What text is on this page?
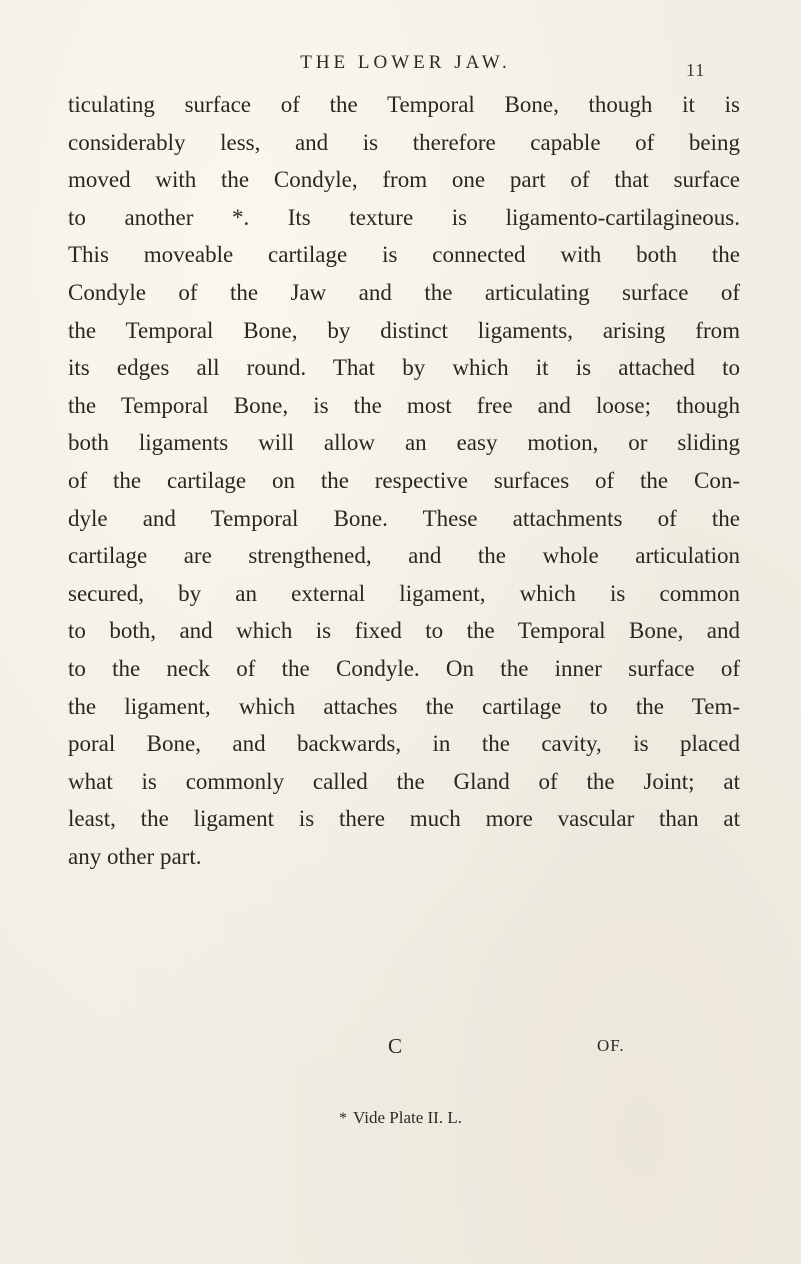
THE LOWER JAW.	11
ticulating surface of the Temporal Bone, though it is
considerably less, and is therefore capable of being
moved with the Condyle, from one part of that surface
to another *. Its texture is ligamento-cartilagineous.
This moveable cartilage is connected with both the
Condyle of the Jaw and the articulating surface of
the Temporal Bone, by distinct ligaments, arising from
its edges all round. That by which it is attached to
the Temporal Bone, is the most free and loose; though
both ligaments will allow an easy motion, or sliding
of the cartilage on the respective surfaces of the Con-
dyle and Temporal Bone. These attachments of the
cartilage are strengthened, and the whole articulation
secured, by an external ligament, which is common
to both, and which is fixed to the Temporal Bone, and
to the neck of the Condyle. On the inner surface of
the ligament, which attaches the cartilage to the Tem-
poral Bone, and backwards, in the cavity, is placed
what is commonly called the Gland of the Joint; at
least, the ligament is there much more vascular than at
any other part.
C	OF.
* Vide Plate II. L.
